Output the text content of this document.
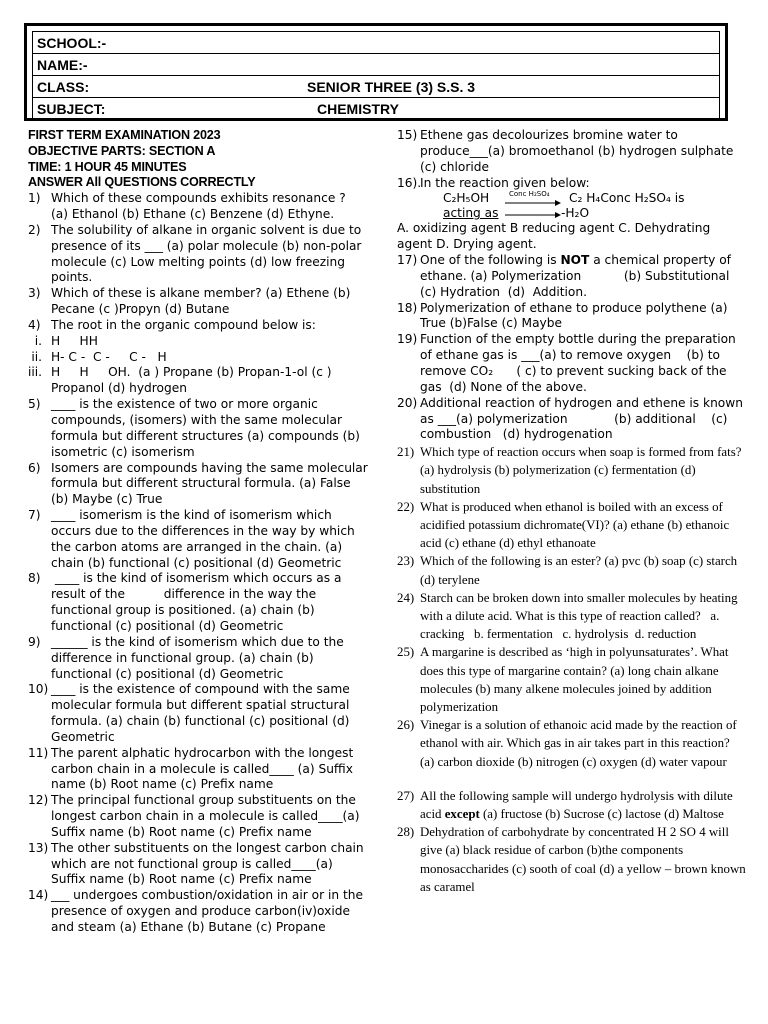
SCHOOL:-
NAME:-
CLASS:	SENIOR THREE (3) S.S. 3
SUBJECT:	CHEMISTRY
FIRST TERM EXAMINATION 2023
OBJECTIVE PARTS: SECTION A
TIME: 1 HOUR 45 MINUTES
ANSWER All QUESTIONS CORRECTLY
1) Which of these compounds exhibits resonance ?
(a) Ethanol (b) Ethane (c) Benzene (d) Ethyne.
2) The solubility of alkane in organic solvent is due to presence of its ___ (a) polar molecule (b) non-polar molecule (c) Low melting points (d) low freezing points.
3) Which of these is alkane member? (a) Ethene (b) Pecane (c )Propyn (d) Butane
4) The root in the organic compound below is:
i. H     HH
ii. H- C -  C -     C -   H
iii. H     H     OH.  (a ) Propane (b) Propan-1-ol (c ) Propanol (d) hydrogen
5) ____ is the existence of two or more organic compounds, (isomers) with the same molecular formula but different structures (a) compounds (b) isometric (c) isomerism
6) Isomers are compounds having the same molecular formula but different structural formula. (a) False (b) Maybe (c) True
7) ____ isomerism is the kind of isomerism which occurs due to the differences in the way by which the carbon atoms are arranged in the chain. (a) chain (b) functional (c) positional (d) Geometric
8) ____ is the kind of isomerism which occurs as a result of the          difference in the way the functional group is positioned. (a) chain (b) functional (c) positional (d) Geometric
9) ______ is the kind of isomerism which due to the difference in functional group. (a) chain (b) functional (c) positional (d) Geometric
10) ____ is the existence of compound with the same molecular formula but different spatial structural formula. (a) chain (b) functional (c) positional (d) Geometric
11) The parent alphatic hydrocarbon with the longest carbon chain in a molecule is called____ (a) Suffix name (b) Root name (c) Prefix name
12) The principal functional group substituents on the longest carbon chain in a molecule is called____(a) Suffix name (b) Root name (c) Prefix name
13) The other substituents on the longest carbon chain which are not functional group is called____(a) Suffix name (b) Root name (c) Prefix name
14) ___ undergoes combustion/oxidation in air or in the presence of oxygen and produce carbon(iv)oxide and steam (a) Ethane (b) Butane (c) Propane
15) Ethene gas decolourizes bromine water to produce___(a) bromoethanol (b) hydrogen sulphate (c) chloride
16).
In the reaction given below:
C₂H₅OH	Conc H₂SO₄ C₂ H₄Conc H₂SO₄ is
acting as	-H₂O
A. oxidizing agent B reducing agent C. Dehydrating agent D. Drying agent.
17) One of the following is NOT a chemical property of ethane. (a) Polymerization           (b) Substitutional    (c) Hydration  (d)  Addition.
18) Polymerization of ethane to produce polythene (a) True (b)False (c) Maybe
19) Function of the empty bottle during the preparation of ethane gas is ___(a) to remove oxygen    (b) to remove CO₂      ( c) to prevent sucking back of the gas  (d) None of the above.
20) Additional reaction of hydrogen and ethene is known as ___(a) polymerization            (b) additional    (c) combustion   (d) hydrogenation
21) Which type of reaction occurs when soap is formed from fats? (a) hydrolysis (b) polymerization (c) fermentation (d) substitution
22) What is produced when ethanol is boiled with an excess of acidified potassium dichromate(VI)? (a) ethane (b) ethanoic acid (c) ethane (d) ethyl ethanoate
23) Which of the following is an ester? (a) pvc (b) soap (c) starch (d) terylene
24) Starch can be broken down into smaller molecules by heating with a dilute acid. What is this type of reaction called?   a. cracking   b. fermentation   c. hydrolysis  d. reduction
25) A margarine is described as ‘high in polyunsaturates’. What does this type of margarine contain? (a) long chain alkane molecules (b) many alkene molecules joined by addition polymerization
26) Vinegar is a solution of ethanoic acid made by the reaction of ethanol with air. Which gas in air takes part in this reaction? (a) carbon dioxide (b) nitrogen (c) oxygen (d) water vapour
27) All the following sample will undergo hydrolysis with dilute acid except (a) fructose (b) Sucrose (c) lactose (d) Maltose
28) Dehydration of carbohydrate by concentrated H 2 SO 4 will give (a) black residue of carbon (b)the components monosaccharides (c) sooth of coal (d) a yellow – brown known as caramel
